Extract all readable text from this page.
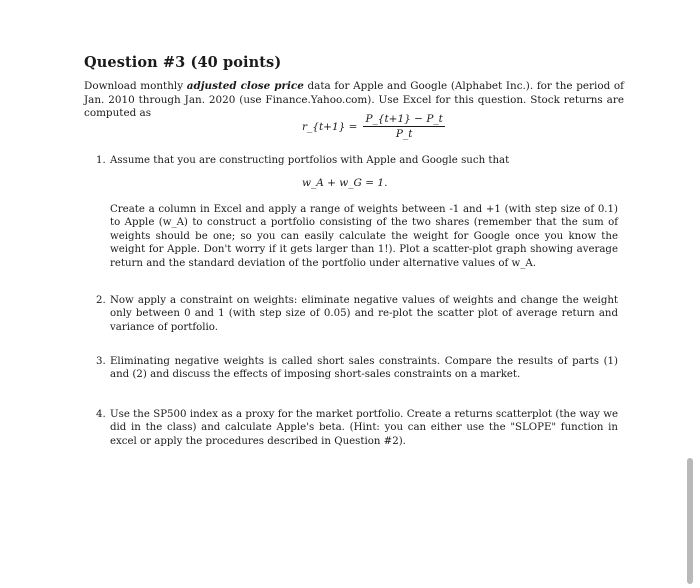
Question #3 (40 points)
Download monthly adjusted close price data for Apple and Google (Alphabet Inc.). for the period of Jan. 2010 through Jan. 2020 (use Finance.Yahoo.com). Use Excel for this question. Stock returns are computed as
r_{t+1} = $\frac{P\_\{t+1\} - P\_t}{P\_t}$
1. Assume that you are constructing portfolios with Apple and Google such that
w_A + w_G = 1.
Create a column in Excel and apply a range of weights between -1 and +1 (with step size of 0.1) to Apple (w_A) to construct a portfolio consisting of the two shares (remember that the sum of weights should be one; so you can easily calculate the weight for Google once you know the weight for Apple. Don't worry if it gets larger than 1!). Plot a scatter-plot graph showing average return and the standard deviation of the portfolio under alternative values of w_A.
2. Now apply a constraint on weights: eliminate negative values of weights and change the weight only between 0 and 1 (with step size of 0.05) and re-plot the scatter plot of average return and variance of portfolio.
3. Eliminating negative weights is called short sales constraints. Compare the results of parts (1) and (2) and discuss the effects of imposing short-sales constraints on a market.
4. Use the SP500 index as a proxy for the market portfolio. Create a returns scatterplot (the way we did in the class) and calculate Apple's beta. (Hint: you can either use the "SLOPE" function in excel or apply the procedures described in Question #2).
